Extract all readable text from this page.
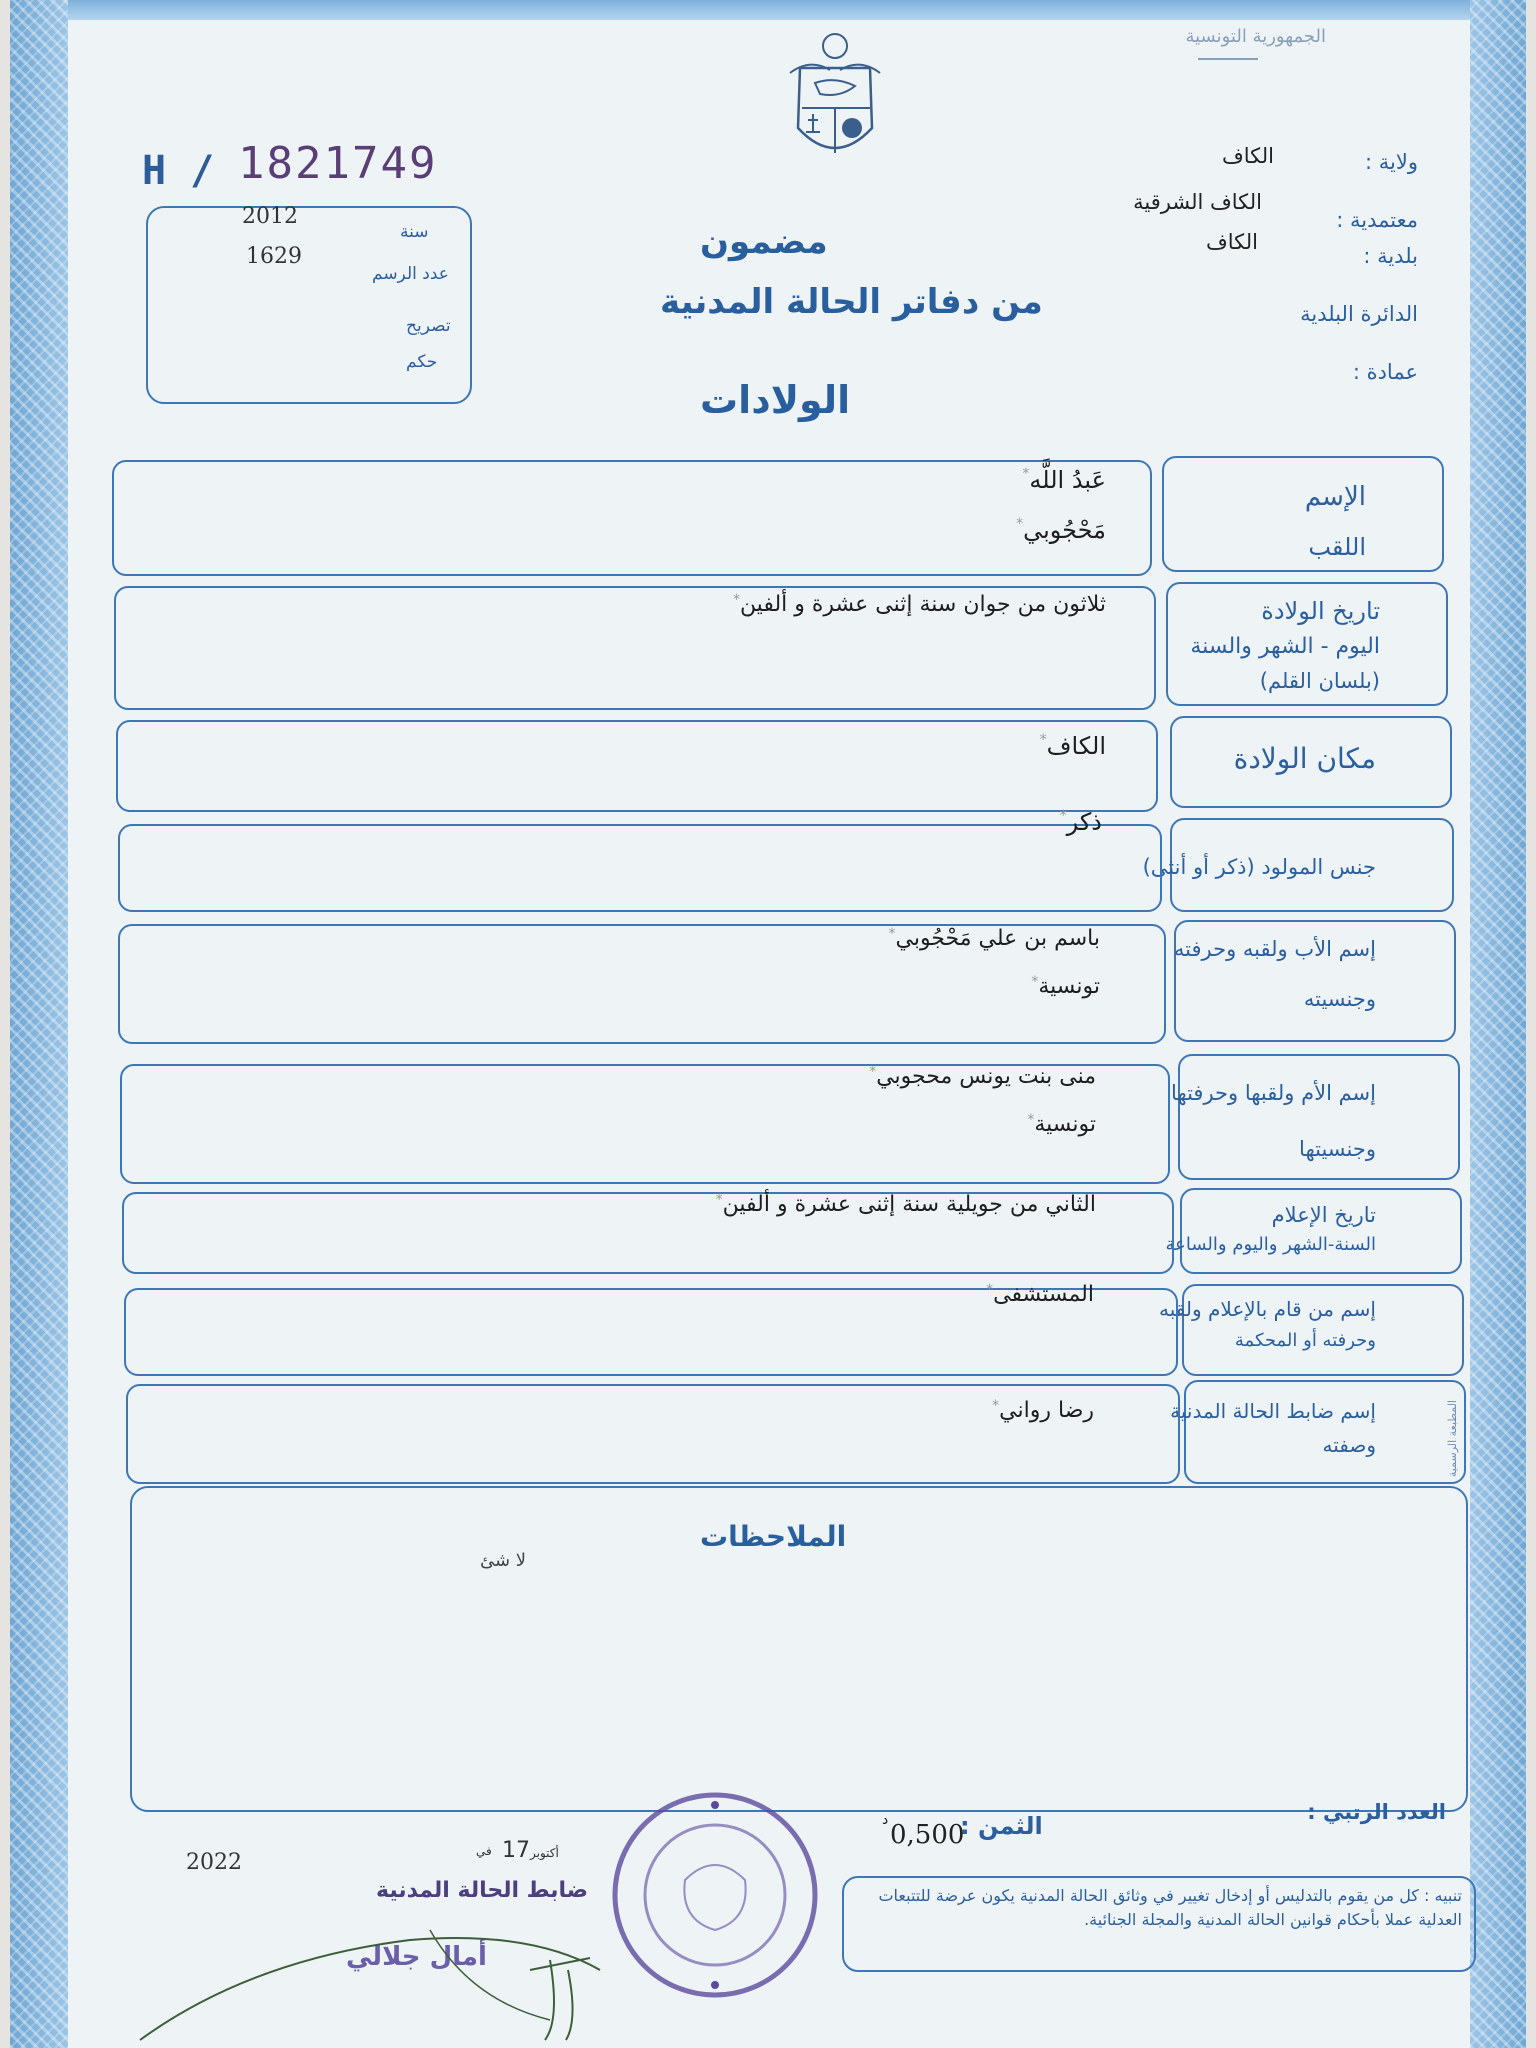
الجمهورية التونسية
H / 1821749
2012
سنة
1629
عدد الرسم
تصريح
حكم
مضمون
من دفاتر الحالة المدنية
الولادات
ولاية :
الكاف
معتمدية :
الكاف الشرقية
بلدية :
الكاف
الدائرة البلدية
عمادة :
الإسم
اللقب
عَبدُ اللَّه*
مَحْجُوبي*
تاريخ الولادة
اليوم - الشهر والسنة
(بلسان القلم)
ثلاثون من جوان سنة إثنى عشرة و ألفين*
مكان الولادة
الكاف*
جنس المولود (ذكر أو أنثى)
ذكر*
إسم الأب ولقبه وحرفته
وجنسيته
باسم بن علي مَحْجُوبي*
تونسية*
إسم الأم ولقبها وحرفتها
وجنسيتها
منى بنت يونس محجوبي*
تونسية*
تاريخ الإعلام
السنة-الشهر واليوم والساعة
الثاني من جويلية سنة إثنى عشرة و ألفين*
إسم من قام بالإعلام ولقبه
وحرفته أو المحكمة
المستشفى*
إسم ضابط الحالة المدنية
وصفته
رضا رواني*
الملاحظات
لا شئ
المطبعة الرسمية
العدد الرتبي :
الثمن :
0,500
د
تنبيه : كل من يقوم بالتدليس أو إدخال تغيير في وثائق الحالة المدنية يكون عرضة للتتبعات العدلية عملا بأحكام قوانين الحالة المدنية والمجلة الجنائية.
2022	17 أكتوبر
في
ضابط الحالة المدنية
أمال جلالي
